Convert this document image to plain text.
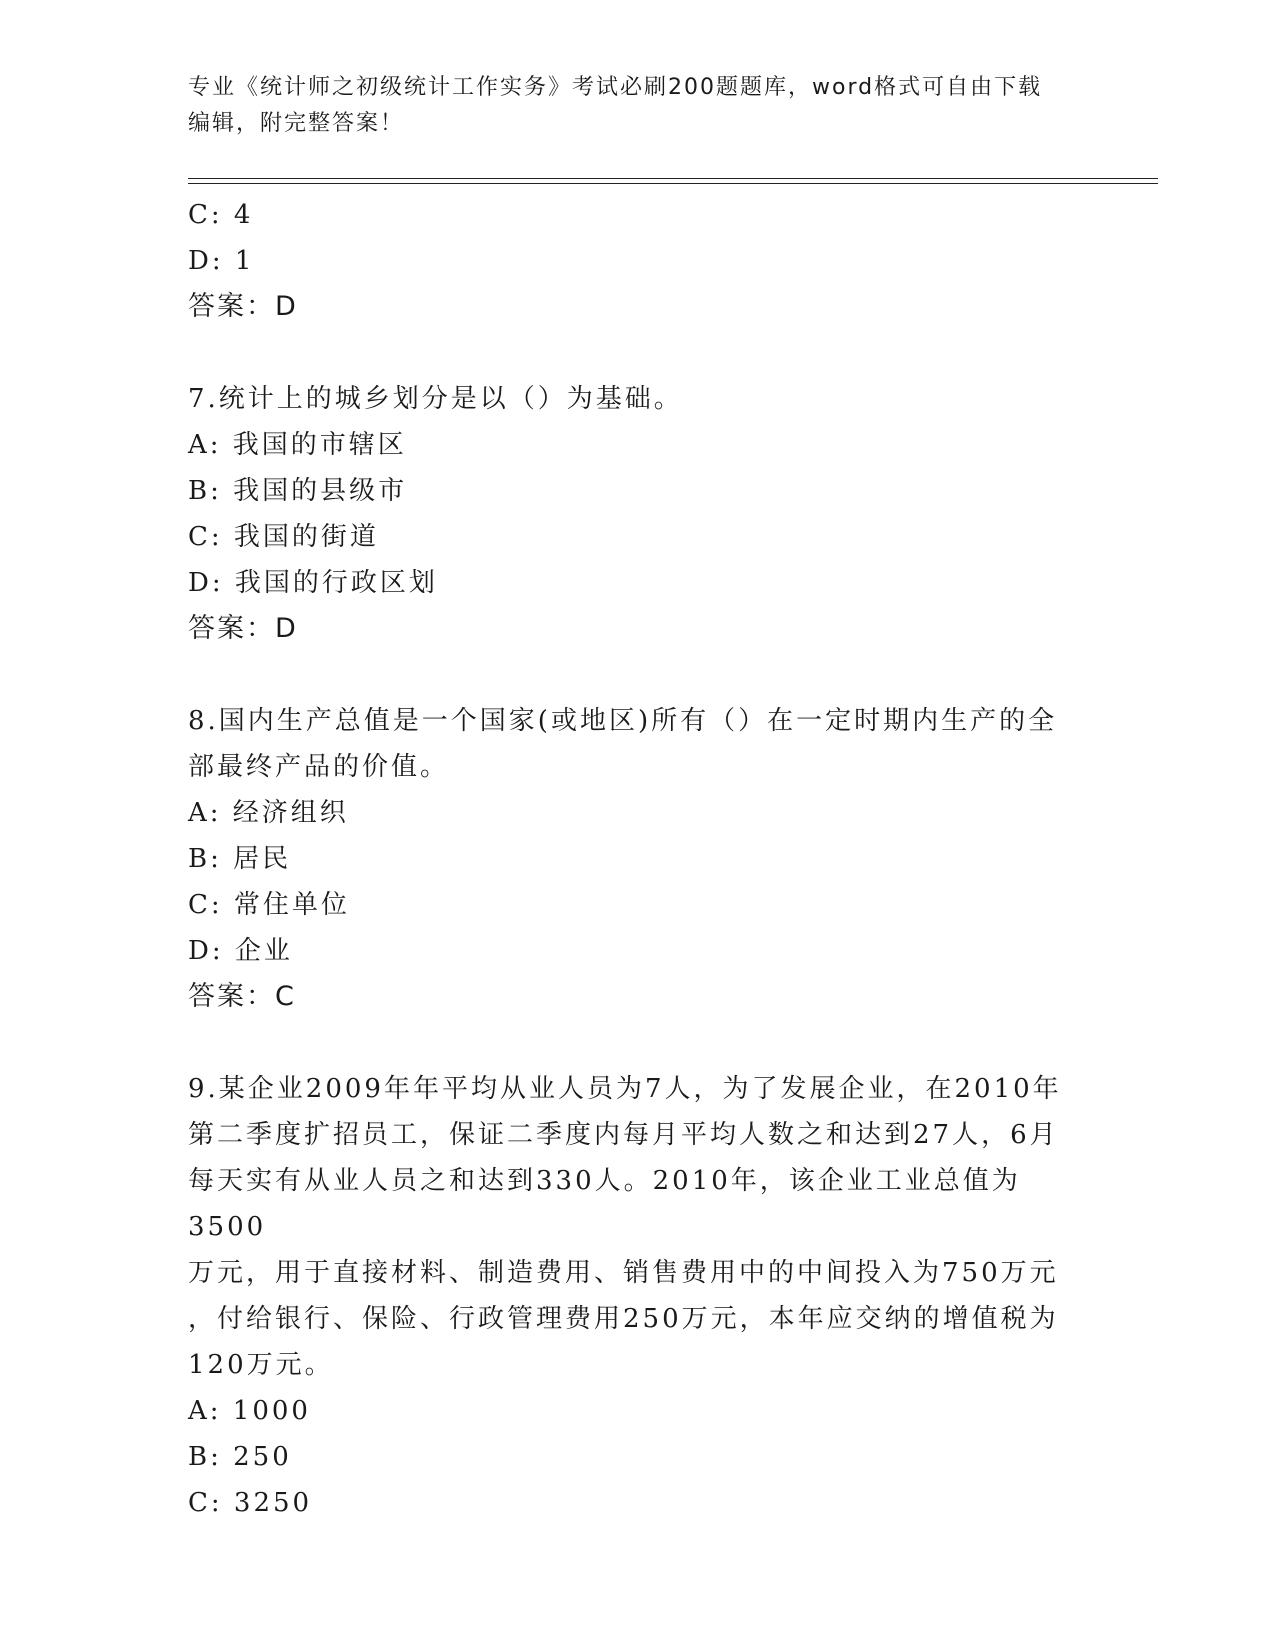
专业《统计师之初级统计工作实务》考试必刷200题题库，word格式可自由下载
编辑，附完整答案！
C: 4
D: 1
答案：D
7.统计上的城乡划分是以（）为基础。
A: 我国的市辖区
B: 我国的县级市
C: 我国的街道
D: 我国的行政区划
答案：D
8.国内生产总值是一个国家(或地区)所有（）在一定时期内生产的全
部最终产品的价值。
A: 经济组织
B: 居民
C: 常住单位
D: 企业
答案：C
9.某企业2009年年平均从业人员为7人，为了发展企业，在2010年
第二季度扩招员工，保证二季度内每月平均人数之和达到27人，6月
每天实有从业人员之和达到330人。2010年，该企业工业总值为3500
万元，用于直接材料、制造费用、销售费用中的中间投入为750万元
，付给银行、保险、行政管理费用250万元，本年应交纳的增值税为
120万元。
A: 1000
B: 250
C: 3250
